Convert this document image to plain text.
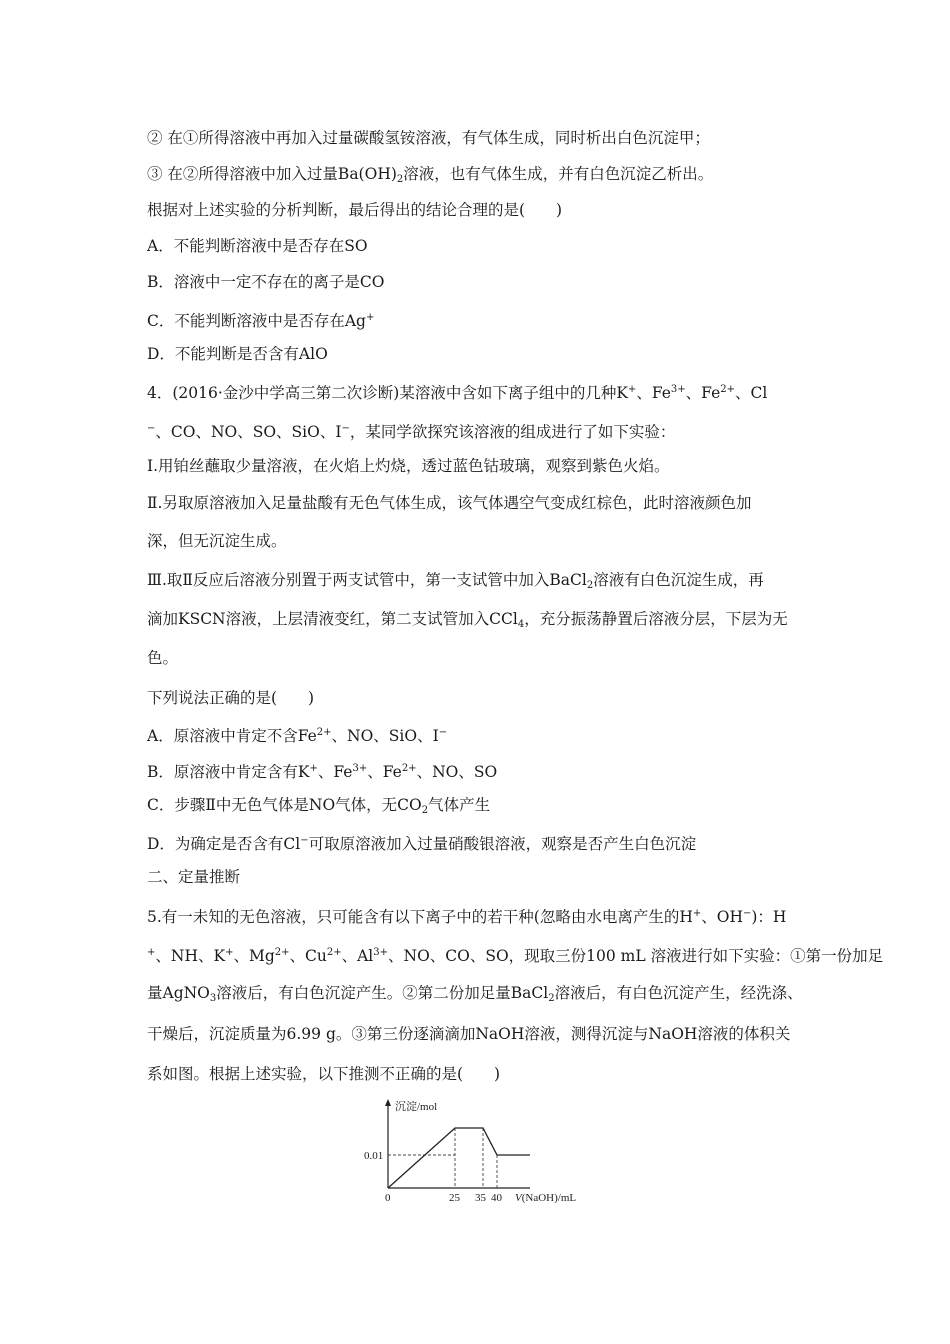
② 在①所得溶液中再加入过量碳酸氢铵溶液，有气体生成，同时析出白色沉淀甲；
③ 在②所得溶液中加入过量$Ba(OH)_2$溶液，也有气体生成，并有白色沉淀乙析出。
根据对上述实验的分析判断，最后得出的结论合理的是(　　)
A．不能判断溶液中是否存在SO
B．溶液中一定不存在的离子是CO
C．不能判断溶液中是否存在Ag+
D．不能判断是否含有AlO
4．(2016·金沙中学高三第二次诊断)某溶液中含如下离子组中的几种K+、$Fe^{3+}$、$Fe^{2+}$、Cl
−、CO、NO、SO、SiO、I−，某同学欲探究该溶液的组成进行了如下实验：
Ⅰ.用铂丝蘸取少量溶液，在火焰上灼烧，透过蓝色钴玻璃，观察到紫色火焰。
Ⅱ.另取原溶液加入足量盐酸有无色气体生成，该气体遇空气变成红棕色，此时溶液颜色加
深，但无沉淀生成。
Ⅲ.取Ⅱ反应后溶液分别置于两支试管中，第一支试管中加入BaCl$_2$溶液有白色沉淀生成，再
滴加KSCN溶液，上层清液变红，第二支试管加入CCl$_4$，充分振荡静置后溶液分层，下层为无
色。
下列说法正确的是(　　)
A．原溶液中肯定不含$Fe^{2+}$、NO、SiO、I−
B．原溶液中肯定含有K+、$Fe^{3+}$、$Fe^{2+}$、NO、SO
C．步骤Ⅱ中无色气体是NO气体，无$CO_2$气体产生
D．为确定是否含有Cl−可取原溶液加入过量硝酸银溶液，观察是否产生白色沉淀
二、定量推断
5.有一未知的无色溶液，只可能含有以下离子中的若干种(忽略由水电离产生的H+、OH−)：H
+、NH、K+、$Mg^{2+}$、$Cu^{2+}$、$Al^{3+}$、NO、CO、SO，现取三份100 mL 溶液进行如下实验：①第一份加足
量AgNO$_3$溶液后，有白色沉淀产生。②第二份加足量BaCl$_2$溶液后，有白色沉淀产生，经洗涤、
干燥后，沉淀质量为6.99 g。③第三份逐滴滴加NaOH溶液，测得沉淀与NaOH溶液的体积关
系如图。根据上述实验，以下推测不正确的是(　　)
沉淀/mol
0.01
0	25 35 40 V(NaOH)/mL
